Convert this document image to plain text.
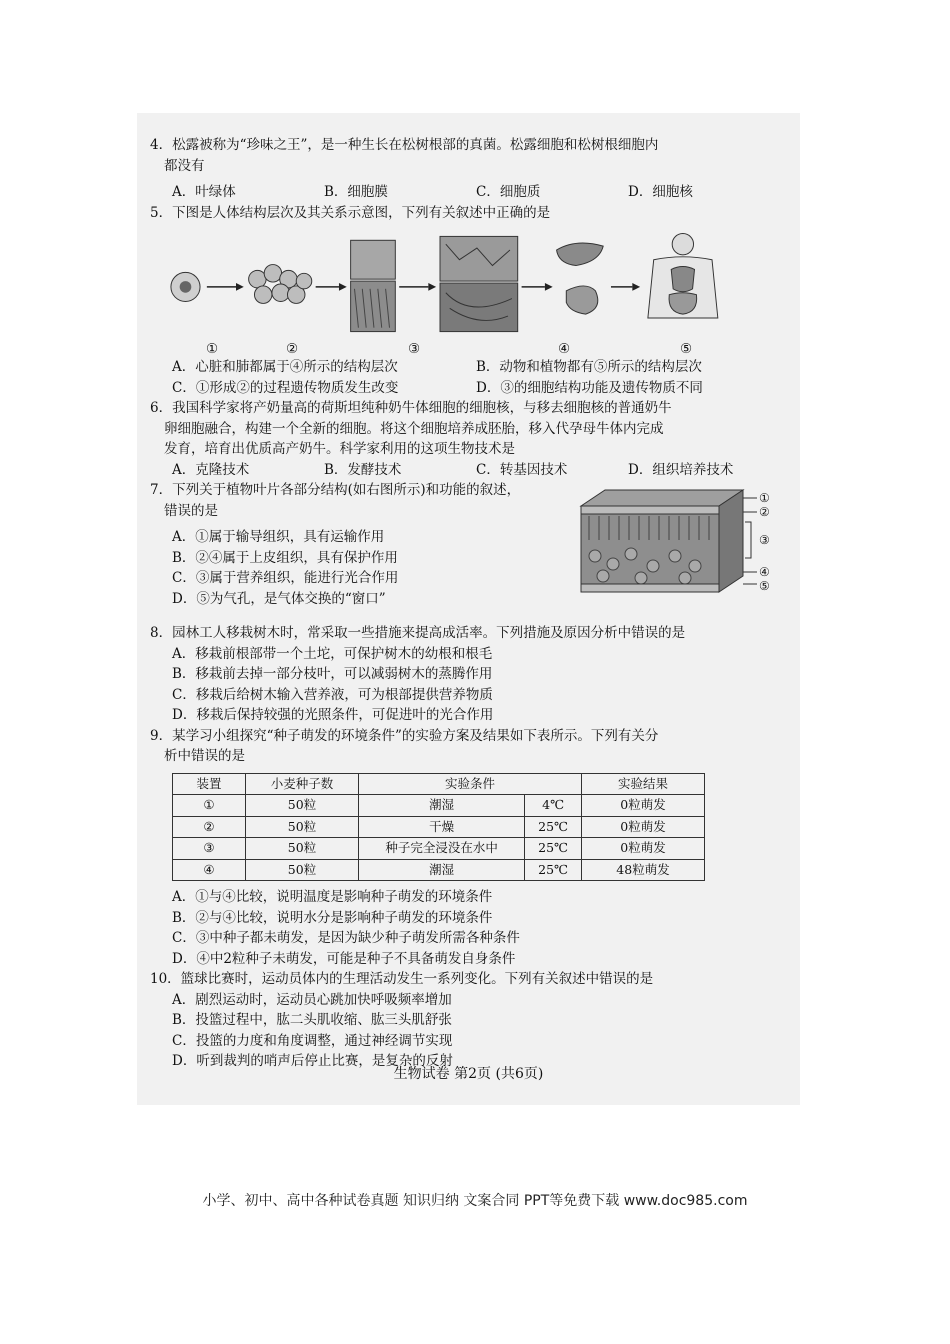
4．松露被称为“珍味之王”，是一种生长在松树根部的真菌。松露细胞和松树根细胞内

都没有

A．叶绿体	B．细胞膜	C．细胞质	D．细胞核

5．下图是人体结构层次及其关系示意图，下列有关叙述中正确的是

①	②	③	④	⑤
A．心脏和肺都属于④所示的结构层次	B．动物和植物都有⑤所示的结构层次
C．①形成②的过程遗传物质发生改变	D．③的细胞结构功能及遗传物质不同

6．我国科学家将产奶量高的荷斯坦纯种奶牛体细胞的细胞核，与移去细胞核的普通奶牛

卵细胞融合，构建一个全新的细胞。将这个细胞培养成胚胎，移入代孕母牛体内完成

发育，培育出优质高产奶牛。科学家利用的这项生物技术是

A．克隆技术	B．发酵技术	C．转基因技术	D．组织培养技术

7．下列关于植物叶片各部分结构(如右图所示)和功能的叙述，

错误的是

A．①属于输导组织，具有运输作用

B．②④属于上皮组织，具有保护作用

C．③属于营养组织，能进行光合作用

D．⑤为气孔，是气体交换的“窗口”

①
②
③
④
⑤

8．园林工人移栽树木时，常采取一些措施来提高成活率。下列措施及原因分析中错误的是

A．移栽前根部带一个土坨，可保护树木的幼根和根毛

B．移栽前去掉一部分枝叶，可以减弱树木的蒸腾作用

C．移栽后给树木输入营养液，可为根部提供营养物质

D．移栽后保持较强的光照条件，可促进叶的光合作用

9．某学习小组探究“种子萌发的环境条件”的实验方案及结果如下表所示。下列有关分

析中错误的是

装置	小麦种子数	实验条件		实验结果
①	50粒	潮湿	4℃	0粒萌发
②	50粒	干燥	25℃	0粒萌发
③	50粒	种子完全浸没在水中	25℃	0粒萌发
④	50粒	潮湿	25℃	48粒萌发

A．①与④比较，说明温度是影响种子萌发的环境条件

B．②与④比较，说明水分是影响种子萌发的环境条件

C．③中种子都未萌发，是因为缺少种子萌发所需各种条件

D．④中2粒种子未萌发，可能是种子不具备萌发自身条件

10．篮球比赛时，运动员体内的生理活动发生一系列变化。下列有关叙述中错误的是

A．剧烈运动时，运动员心跳加快呼吸频率增加

B．投篮过程中，肱二头肌收缩、肱三头肌舒张

C．投篮的力度和角度调整，通过神经调节实现

D．听到裁判的哨声后停止比赛，是复杂的反射

生物试卷 第2页 (共6页)
小学、初中、高中各种试卷真题 知识归纳 文案合同 PPT等免费下载 www.doc985.com
